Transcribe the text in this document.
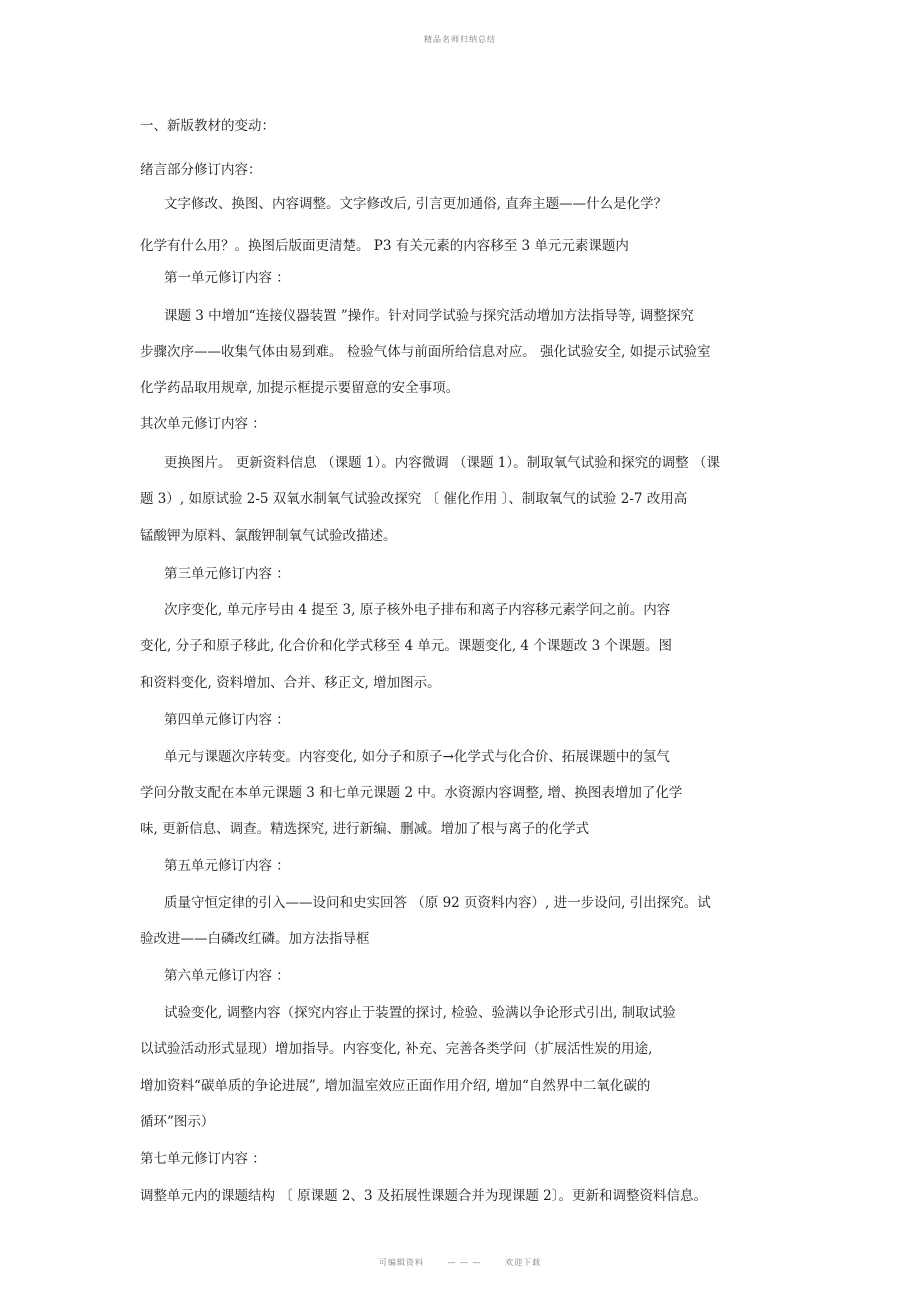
精品名师归纳总结
一、新版教材的变动：
绪言部分修订内容：
文字修改、换图、内容调整。文字修改后, 引言更加通俗, 直奔主题——什么是化学？
化学有什么用？。换图后版面更清楚。 P3 有关元素的内容移至 3 单元元素课题内
第一单元修订内容 ：
课题 3 中增加“连接仪器装置 ”操作。针对同学试验与探究活动增加方法指导等, 调整探究
步骤次序——收集气体由易到难。 检验气体与前面所给信息对应。 强化试验安全, 如提示试验室
化学药品取用规章, 加提示框提示要留意的安全事项。
其次单元修订内容 ：
更换图片。 更新资料信息 （课题 1）。内容微调 （课题 1）。制取氧气试验和探究的调整 （课
题 3）, 如原试验 2-5 双氧水制氧气试验改探究 〔 催化作用 〕、制取氧气的试验 2-7 改用高
锰酸钾为原料、氯酸钾制氧气试验改描述。
第三单元修订内容 ：
次序变化, 单元序号由 4 提至 3, 原子核外电子排布和离子内容移元素学问之前。内容
变化, 分子和原子移此, 化合价和化学式移至 4 单元。课题变化, 4 个课题改 3 个课题。图
和资料变化, 资料增加、合并、移正文, 增加图示。
第四单元修订内容 ：
单元与课题次序转变。内容变化, 如分子和原子→化学式与化合价、拓展课题中的氢气
学问分散支配在本单元课题 3 和七单元课题 2 中。水资源内容调整, 增、换图表增加了化学
味, 更新信息、调查。精选探究, 进行新编、删减。增加了根与离子的化学式
第五单元修订内容 ：
质量守恒定律的引入——设问和史实回答 （原 92 页资料内容）, 进一步设问, 引出探究。试
验改进——白磷改红磷。加方法指导框
第六单元修订内容 ：
试验变化, 调整内容（探究内容止于装置的探讨, 检验、验满以争论形式引出, 制取试验
以试验活动形式显现）增加指导。内容变化, 补充、完善各类学问（扩展活性炭的用途,
增加资料“碳单质的争论进展”, 增加温室效应正面作用介绍, 增加“自然界中二氧化碳的
循环”图示）
第七单元修订内容 ：
调整单元内的课题结构 〔 原课题 2、3 及拓展性课题合并为现课题 2〕。更新和调整资料信息。
可编辑资料	— — —	欢迎下载
